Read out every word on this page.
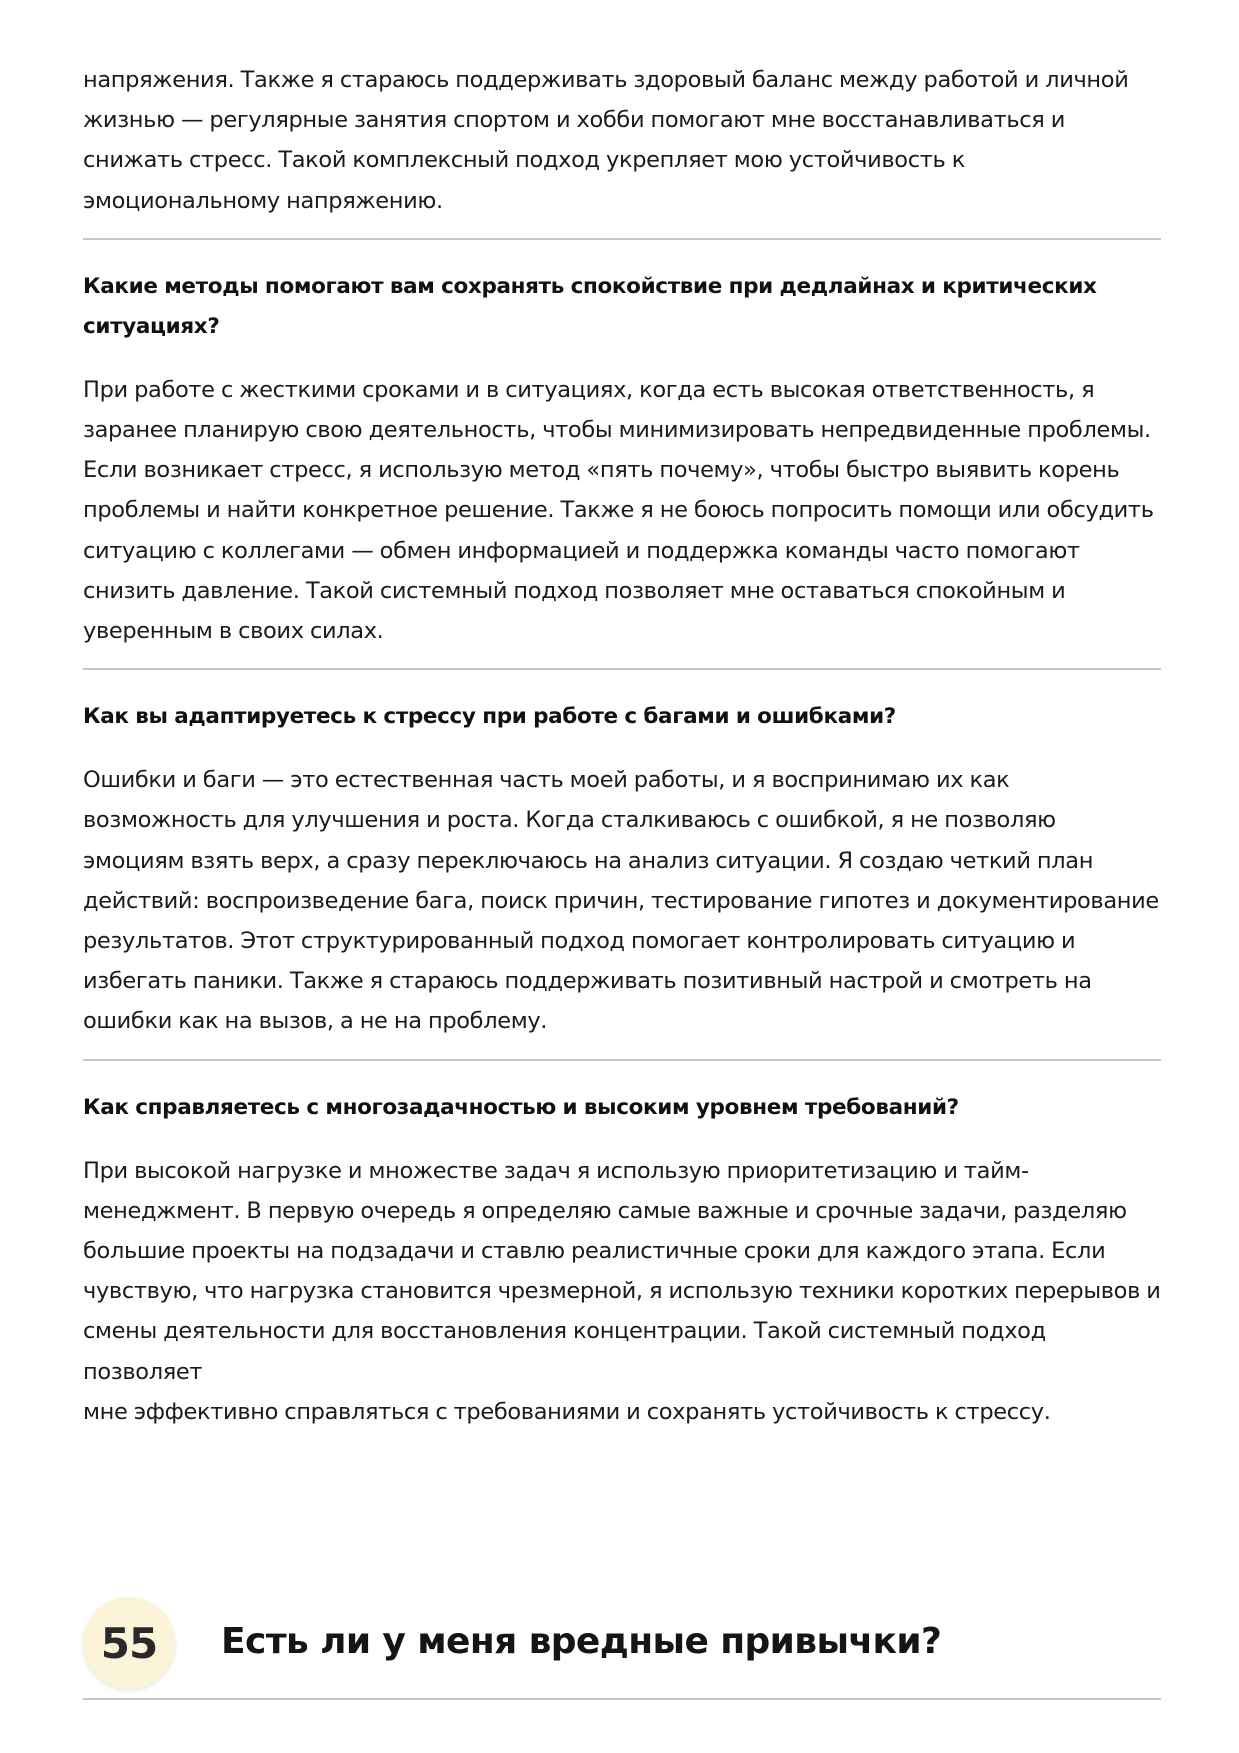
напряжения. Также я стараюсь поддерживать здоровый баланс между работой и личной
жизнью — регулярные занятия спортом и хобби помогают мне восстанавливаться и
снижать стресс. Такой комплексный подход укрепляет мою устойчивость к
эмоциональному напряжению.
Какие методы помогают вам сохранять спокойствие при дедлайнах и критических
ситуациях?
При работе с жесткими сроками и в ситуациях, когда есть высокая ответственность, я
заранее планирую свою деятельность, чтобы минимизировать непредвиденные проблемы.
Если возникает стресс, я использую метод «пять почему», чтобы быстро выявить корень
проблемы и найти конкретное решение. Также я не боюсь попросить помощи или обсудить
ситуацию с коллегами — обмен информацией и поддержка команды часто помогают
снизить давление. Такой системный подход позволяет мне оставаться спокойным и
уверенным в своих силах.
Как вы адаптируетесь к стрессу при работе с багами и ошибками?
Ошибки и баги — это естественная часть моей работы, и я воспринимаю их как
возможность для улучшения и роста. Когда сталкиваюсь с ошибкой, я не позволяю
эмоциям взять верх, а сразу переключаюсь на анализ ситуации. Я создаю четкий план
действий: воспроизведение бага, поиск причин, тестирование гипотез и документирование
результатов. Этот структурированный подход помогает контролировать ситуацию и
избегать паники. Также я стараюсь поддерживать позитивный настрой и смотреть на
ошибки как на вызов, а не на проблему.
Как справляетесь с многозадачностью и высоким уровнем требований?
При высокой нагрузке и множестве задач я использую приоритетизацию и тайм-
менеджмент. В первую очередь я определяю самые важные и срочные задачи, разделяю
большие проекты на подзадачи и ставлю реалистичные сроки для каждого этапа. Если
чувствую, что нагрузка становится чрезмерной, я использую техники коротких перерывов и
смены деятельности для восстановления концентрации. Такой системный подход позволяет
мне эффективно справляться с требованиями и сохранять устойчивость к стрессу.
55	Есть ли у меня вредные привычки?
